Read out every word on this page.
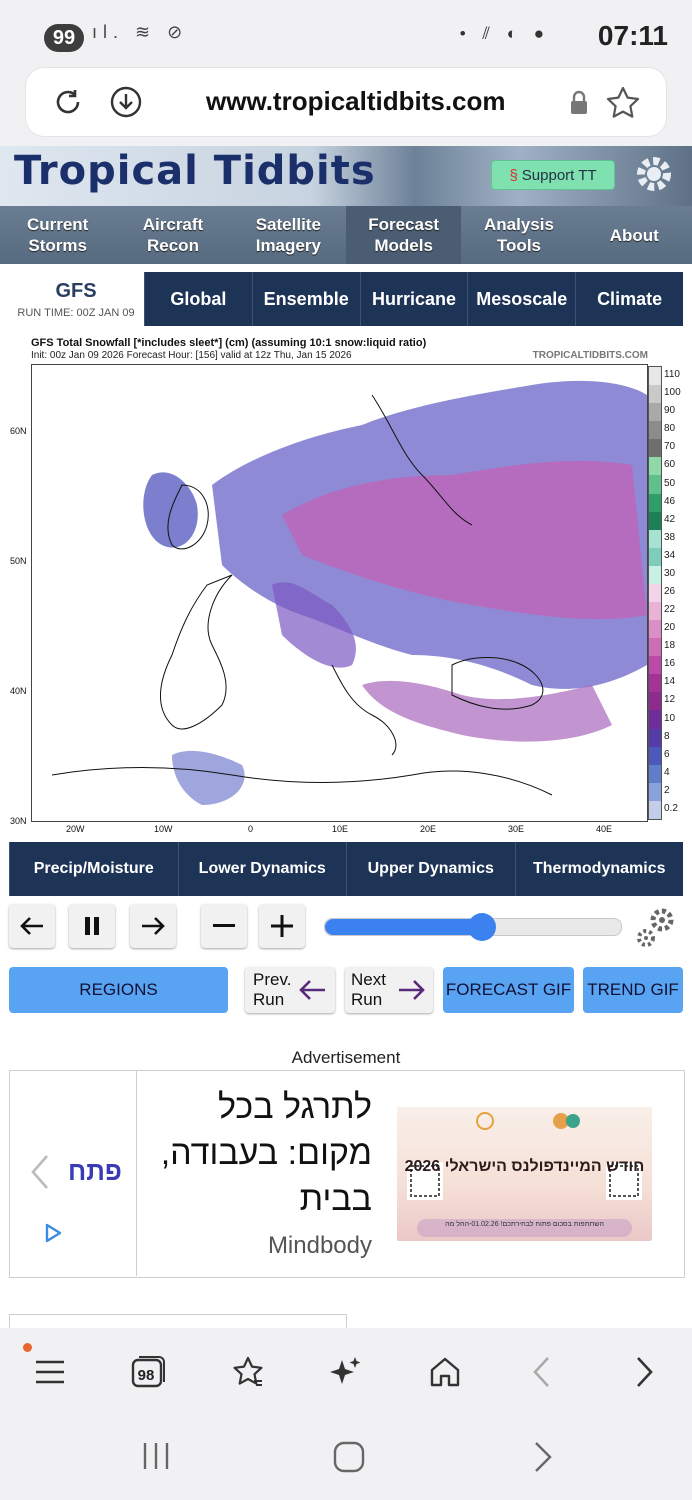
99 ıl. ≋ ⊘	• ⫽ ◐ ● 07:11
www.tropicaltidbits.com
Tropical Tidbits	§ Support TT
Current
Storms
Aircraft
Recon
Satellite
Imagery
Forecast
Models
Analysis
Tools
About
GFS
RUN TIME: 00Z JAN 09
Global	Ensemble	Hurricane	Mesoscale	Climate
GFS Total Snowfall [*includes sleet*] (cm) (assuming 10:1 snow:liquid ratio)
Init: 00z Jan 09 2026 Forecast Hour: [156] valid at 12z Thu, Jan 15 2026	TROPICALTIDBITS.COM
60N
50N
40N
30N
20W	10W	0	10E	20E	30E	40E
110
100
90
80
70
60
50
46
42
38
34
30
26
22
20
18
16
14
12
10
8
6
4
2
0.2
Precip/Moisture	Lower Dynamics	Upper Dynamics	Thermodynamics
REGIONS
Prev.
Run
Next
Run
FORECAST GIF TREND GIF
Advertisement
פתח
לתרגל בכל מקום: בעבודה, בבית
Mindbody
חודש המיינדפולנס הישראלי 2026
השתתפות בסכום פתוח לבחירתכם! 01.02.26-החל מה
98
